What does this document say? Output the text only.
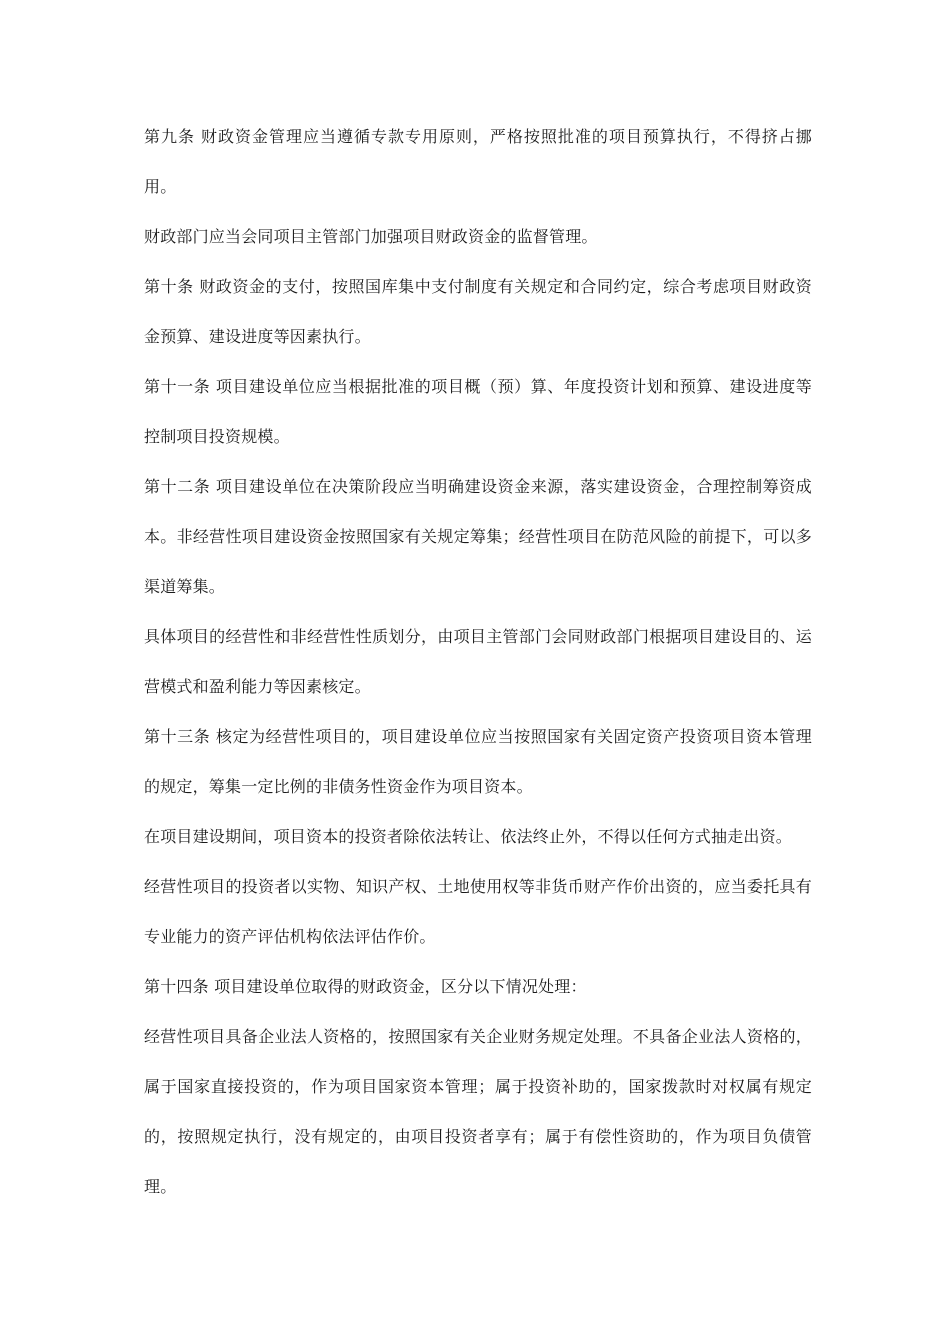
第九条 财政资金管理应当遵循专款专用原则，严格按照批准的项目预算执行，不得挤占挪用。

财政部门应当会同项目主管部门加强项目财政资金的监督管理。

第十条 财政资金的支付，按照国库集中支付制度有关规定和合同约定，综合考虑项目财政资金预算、建设进度等因素执行。

第十一条 项目建设单位应当根据批准的项目概（预）算、年度投资计划和预算、建设进度等控制项目投资规模。

第十二条 项目建设单位在决策阶段应当明确建设资金来源，落实建设资金，合理控制筹资成本。非经营性项目建设资金按照国家有关规定筹集；经营性项目在防范风险的前提下，可以多渠道筹集。

具体项目的经营性和非经营性性质划分，由项目主管部门会同财政部门根据项目建设目的、运营模式和盈利能力等因素核定。

第十三条 核定为经营性项目的，项目建设单位应当按照国家有关固定资产投资项目资本管理的规定，筹集一定比例的非债务性资金作为项目资本。

在项目建设期间，项目资本的投资者除依法转让、依法终止外，不得以任何方式抽走出资。

经营性项目的投资者以实物、知识产权、土地使用权等非货币财产作价出资的，应当委托具有专业能力的资产评估机构依法评估作价。

第十四条 项目建设单位取得的财政资金，区分以下情况处理：

经营性项目具备企业法人资格的，按照国家有关企业财务规定处理。不具备企业法人资格的，属于国家直接投资的，作为项目国家资本管理；属于投资补助的，国家拨款时对权属有规定的，按照规定执行，没有规定的，由项目投资者享有；属于有偿性资助的，作为项目负债管理。
